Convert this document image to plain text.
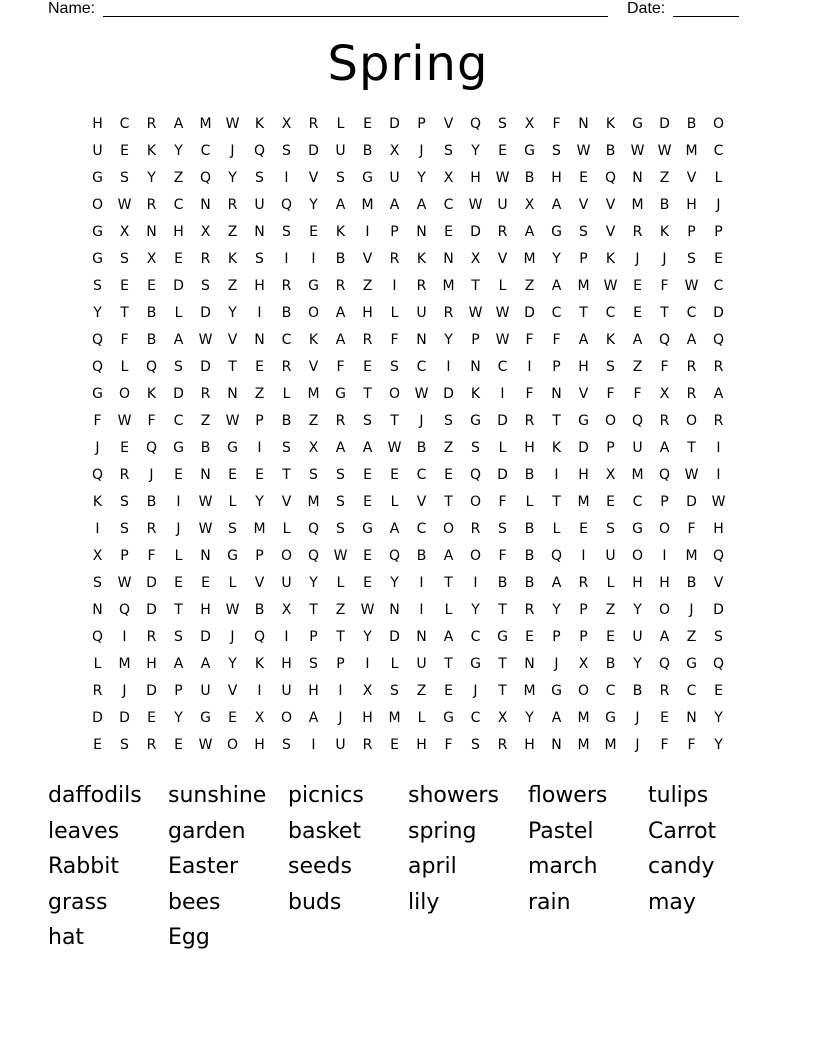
Name:	Date:
Spring
H	C	R	A	M	W	K	X	R	L	E	D	P	V	Q	S	X	F	N	K	G	D	B	O
U	E	K	Y	C	J	Q	S	D	U	B	X	J	S	Y	E	G	S	W	B	W W	M	C
G	S	Y	Z	Q	Y	S	I	V	S	G	U	Y	X	H	W	B	H	E	Q	N	Z	V	L
O	W	R	C	N	R	U	Q	Y	A	M	A	A	C	W	U	X	A	V	V	M	B	H	J
G	X	N	H	X	Z	N	S	E	K	I	P	N	E	D	R	A	G	S	V	R	K	P	P
G	S	X	E	R	K	S	I	I	B	V	R	K	N	X	V	M	Y	P	K	J	J	S	E
S	E	E	D	S	Z	H	R	G	R	Z	I	R	M	T	L	Z	A	M	W	E	F	W	C
Y	T	B	L	D	Y	I	B	O	A	H	L	U	R	W W	D	C	T	C	E	T	C	D
Q	F	B	A	W	V	N	C	K	A	R	F	N	Y	P	W	F	F	A	K	A	Q	A	Q
Q	L	Q	S	D	T	E	R	V	F	E	S	C	I	N	C	I	P	H	S	Z	F	R	R
G	O	K	D	R	N	Z	L	M	G	T	O	W	D	K	I	F	N	V	F	F	X	R	A
F	W	F	C	Z	W	P	B	Z	R	S	T	J	S	G	D	R	T	G	O	Q	R	O	R
J	E	Q	G	B	G	I	S	X	A	A	W	B	Z	S	L	H	K	D	P	U	A	T	I
Q	R	J	E	N	E	E	T	S	S	E	E	C	E	Q	D	B	I	H	X	M	Q	W	I
K	S	B	I	W	L	Y	V	M	S	E	L	V	T	O	F	L	T	M	E	C	P	D	W
I	S	R	J	W	S	M	L	Q	S	G	A	C	O	R	S	B	L	E	S	G	O	F	H
X	P	F	L	N	G	P	O	Q	W	E	Q	B	A	O	F	B	Q	I	U	O	I	M	Q
S	W	D	E	E	L	V	U	Y	L	E	Y	I	T	I	B	B	A	R	L	H	H	B	V
N	Q	D	T	H	W	B	X	T	Z	W	N	I	L	Y	T	R	Y	P	Z	Y	O	J	D
Q	I	R	S	D	J	Q	I	P	T	Y	D	N	A	C	G	E	P	P	E	U	A	Z	S
L	M	H	A	A	Y	K	H	S	P	I	L	U	T	G	T	N	J	X	B	Y	Q	G	Q
R	J	D	P	U	V	I	U	H	I	X	S	Z	E	J	T	M	G	O	C	B	R	C	E
D	D	E	Y	G	E	X	O	A	J	H	M	L	G	C	X	Y	A	M	G	J	E	N	Y
E	S	R	E	W	O	H	S	I	U	R	E	H	F	S	R	H	N	M	M	J	F	F	Y
daffodils	sunshine picnics	showers	flowers	tulips
leaves	garden	basket	spring	Pastel	Carrot
Rabbit	Easter	seeds	april	march	candy
grass	bees	buds	lily	rain	may
hat	Egg
